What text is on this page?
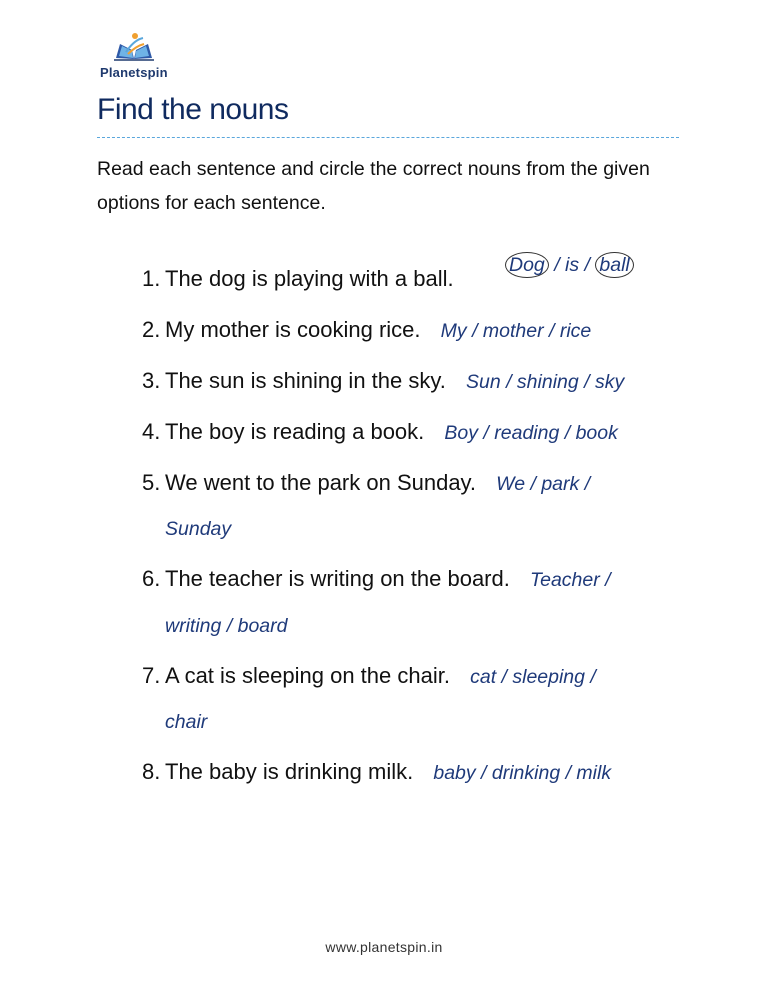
Planetspin
Find the nouns
Read each sentence and circle the correct nouns from the given options for each sentence.
1. The dog is playing with a ball.
Dog / is / ball
2. My mother is cooking rice. My / mother / rice
3. The sun is shining in the sky. Sun / shining / sky
4. The boy is reading a book. Boy / reading / book
5. We went to the park on Sunday. We / park /
Sunday
6. The teacher is writing on the board. Teacher /
writing / board
7. A cat is sleeping on the chair. cat / sleeping /
chair
8. The baby is drinking milk. baby / drinking / milk
www.planetspin.in
